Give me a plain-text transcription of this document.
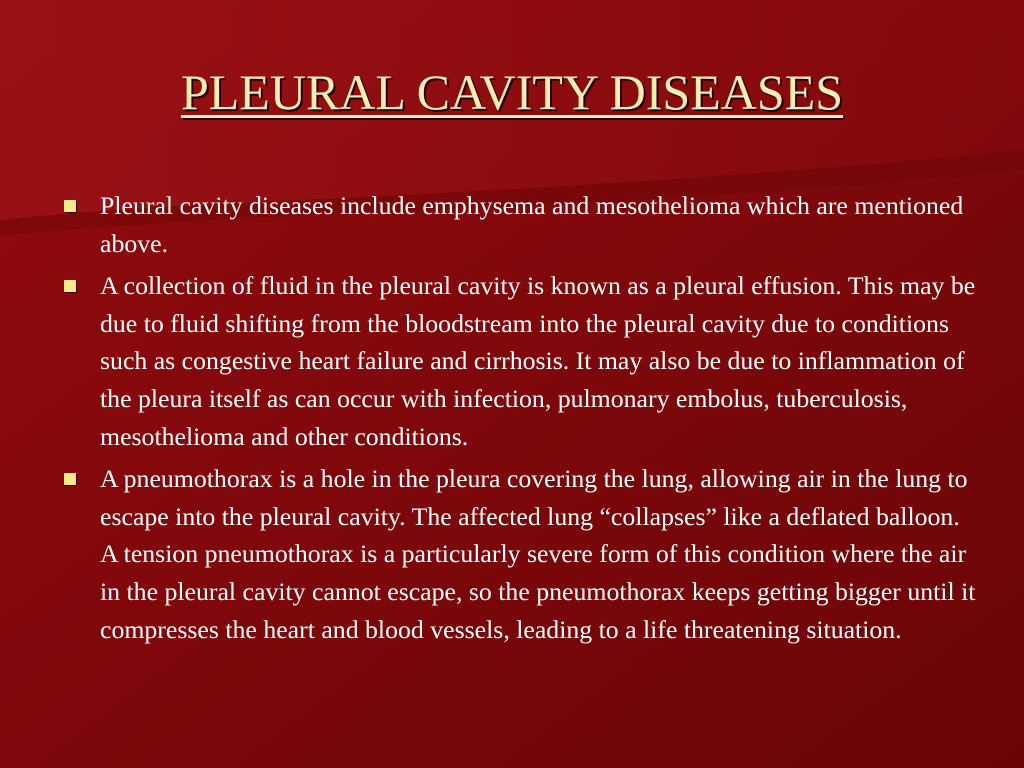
PLEURAL CAVITY DISEASES
Pleural cavity diseases include emphysema and mesothelioma which are mentioned above.
A collection of fluid in the pleural cavity is known as a pleural effusion. This may be due to fluid shifting from the bloodstream into the pleural cavity due to conditions such as congestive heart failure and cirrhosis. It may also be due to inflammation of the pleura itself as can occur with infection, pulmonary embolus, tuberculosis, mesothelioma and other conditions.
A pneumothorax is a hole in the pleura covering the lung, allowing air in the lung to escape into the pleural cavity. The affected lung “collapses” like a deflated balloon. A tension pneumothorax is a particularly severe form of this condition where the air in the pleural cavity cannot escape, so the pneumothorax keeps getting bigger until it compresses the heart and blood vessels, leading to a life threatening situation.
